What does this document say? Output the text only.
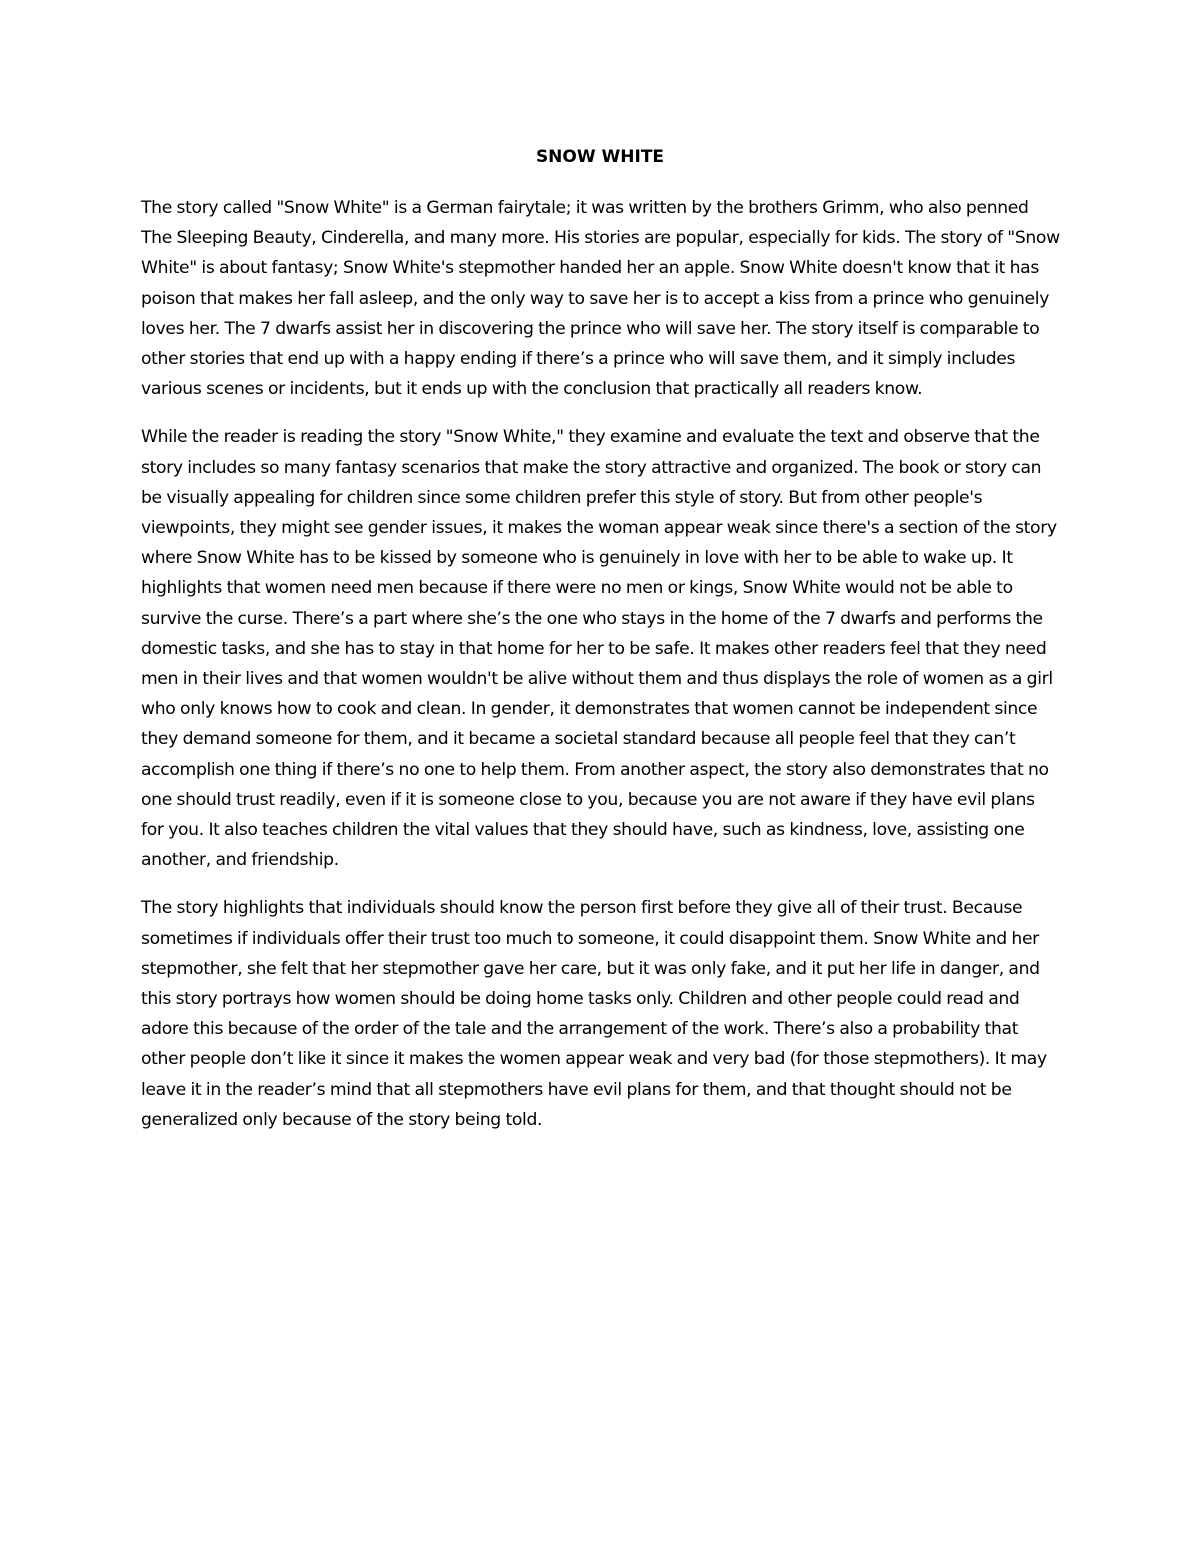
SNOW WHITE

The story called "Snow White" is a German fairytale; it was written by the brothers Grimm, who also penned The Sleeping Beauty, Cinderella, and many more. His stories are popular, especially for kids. The story of "Snow White" is about fantasy; Snow White's stepmother handed her an apple. Snow White doesn't know that it has poison that makes her fall asleep, and the only way to save her is to accept a kiss from a prince who genuinely loves her. The 7 dwarfs assist her in discovering the prince who will save her. The story itself is comparable to other stories that end up with a happy ending if there’s a prince who will save them, and it simply includes various scenes or incidents, but it ends up with the conclusion that practically all readers know.

While the reader is reading the story "Snow White," they examine and evaluate the text and observe that the story includes so many fantasy scenarios that make the story attractive and organized. The book or story can be visually appealing for children since some children prefer this style of story. But from other people's viewpoints, they might see gender issues, it makes the woman appear weak since there's a section of the story where Snow White has to be kissed by someone who is genuinely in love with her to be able to wake up. It highlights that women need men because if there were no men or kings, Snow White would not be able to survive the curse. There’s a part where she’s the one who stays in the home of the 7 dwarfs and performs the domestic tasks, and she has to stay in that home for her to be safe. It makes other readers feel that they need men in their lives and that women wouldn't be alive without them and thus displays the role of women as a girl who only knows how to cook and clean. In gender, it demonstrates that women cannot be independent since they demand someone for them, and it became a societal standard because all people feel that they can’t accomplish one thing if there’s no one to help them. From another aspect, the story also demonstrates that no one should trust readily, even if it is someone close to you, because you are not aware if they have evil plans for you. It also teaches children the vital values that they should have, such as kindness, love, assisting one another, and friendship.

The story highlights that individuals should know the person first before they give all of their trust. Because sometimes if individuals offer their trust too much to someone, it could disappoint them. Snow White and her stepmother, she felt that her stepmother gave her care, but it was only fake, and it put her life in danger, and this story portrays how women should be doing home tasks only. Children and other people could read and adore this because of the order of the tale and the arrangement of the work. There’s also a probability that other people don’t like it since it makes the women appear weak and very bad (for those stepmothers). It may leave it in the reader’s mind that all stepmothers have evil plans for them, and that thought should not be generalized only because of the story being told.
